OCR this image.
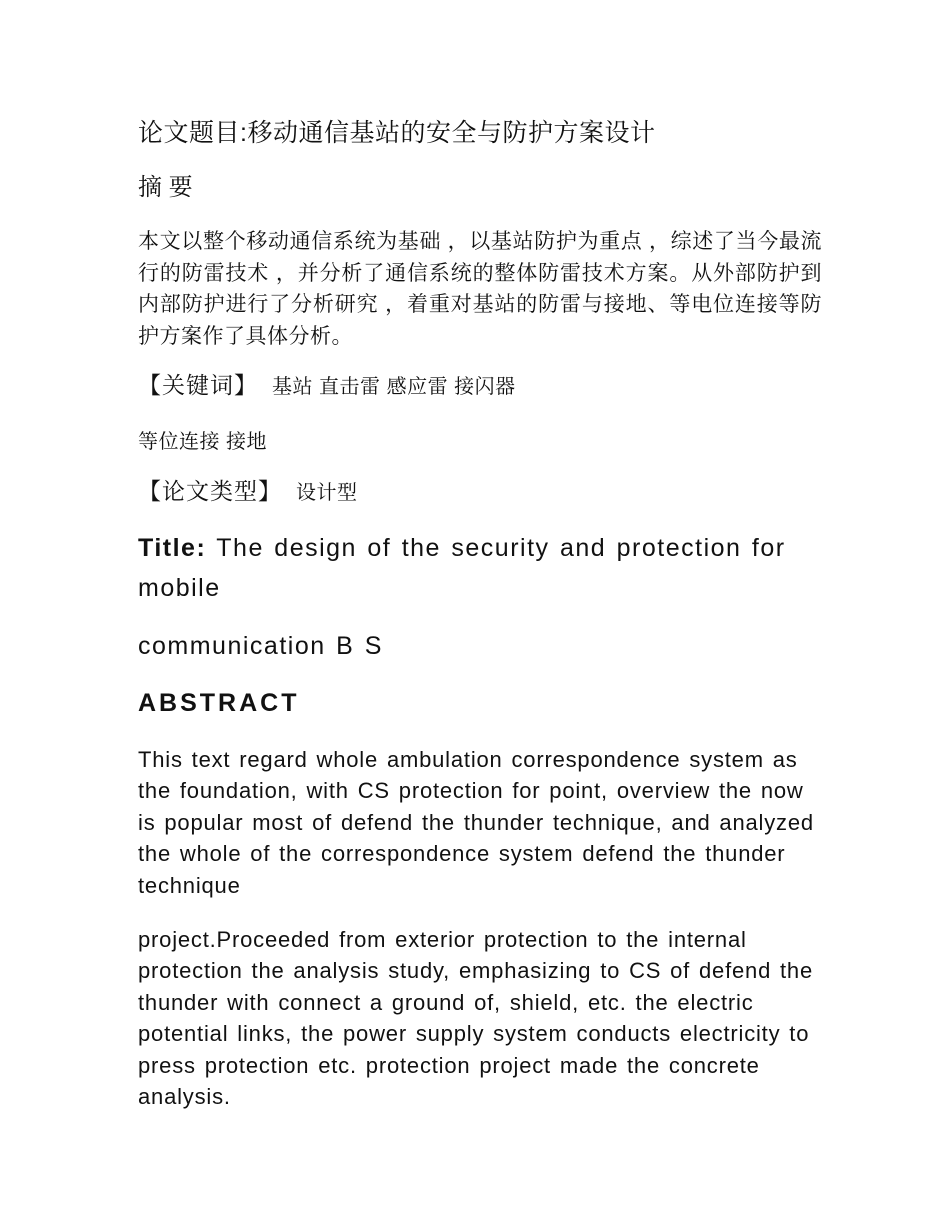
论文题目:移动通信基站的安全与防护方案设计
摘 要
本文以整个移动通信系统为基础 ，以基站防护为重点 ，综述了当今最流行的防雷技术 ，并分析了通信系统的整体防雷技术方案。从外部防护到内部防护进行了分析研究 ，着重对基站的防雷与接地、等电位连接等防护方案作了具体分析。
【关键词】 基站 直击雷 感应雷 接闪器
等位连接 接地
【论文类型】 设计型
Title: The design of the security and protection for mobile
communication B S
ABSTRACT
This text regard whole ambulation correspondence system as the foundation, with CS protection for point, overview the now is popular most of defend the thunder technique, and analyzed the whole of the correspondence system defend the thunder technique
project.Proceeded from exterior protection to the internal protection the analysis study, emphasizing to CS of defend the thunder with connect a ground of, shield, etc. the electric potential links, the power supply system conducts electricity to press protection etc. protection project made the concrete analysis.
